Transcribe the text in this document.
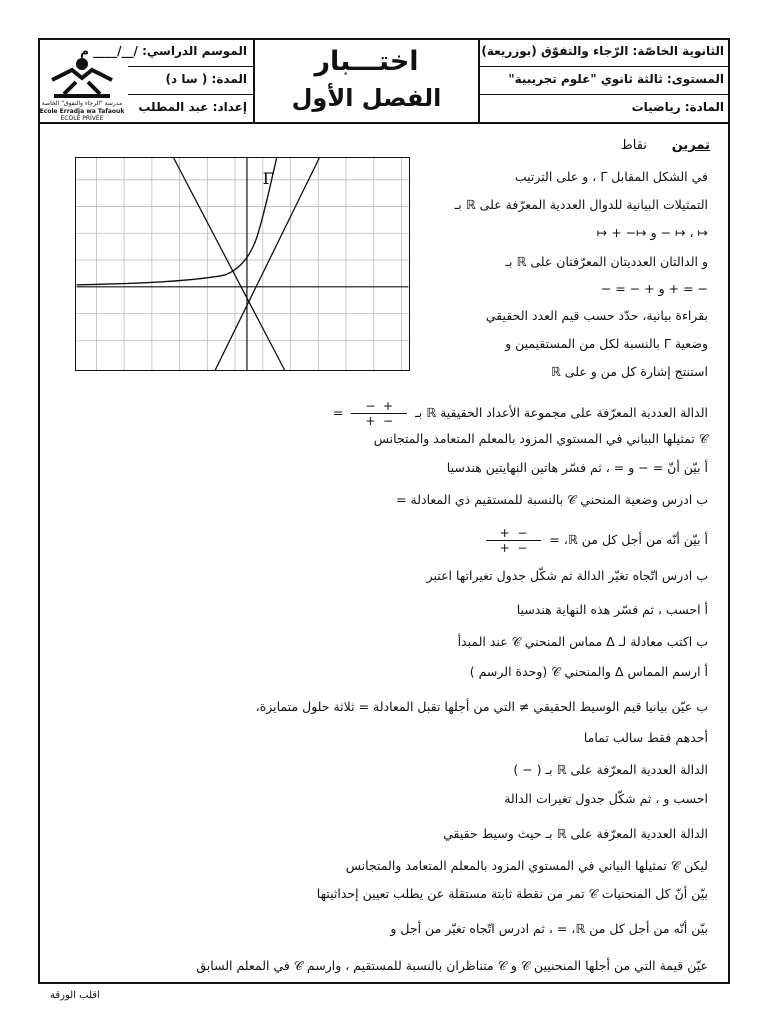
الثانوية الخاصّة: الرّجاء والتفوّق (بوزريعة)
المستوى: ثالثة ثانوي "علوم تجريبية"
المادة: رياضيات
اختـــبار
الفصل الأول
الموسم الدراسي: ‎__/‎__/‎__ م
المدة: ( سا د)
إعداد: عبد المطلب
مدرسة "الرجاء والتفوق" الخاصة
Ecole Erradja wa Tafaouk
ÉCOLE PRIVÉE
تمرين      نقاط
Γ	في الشكل المقابل Γ ، و على الترتيب
التمثيلات البيانية للدوال العددية المعرّفة على ℝ بـ
↦ ، ↦ − و ↦− + ↦
و الدالتان العدديتان المعرّفتان على ℝ بـ
− = + و + − = −
بقراءة بيانية، حدّد حسب قيم العدد الحقيقي
وضعية Γ بالنسبة لكل من المستقيمين و
استنتج إشارة كل من و على ℝ
الدالة العددية المعرّفة على مجموعة الأعداد الحقيقية ℝ بـ
$\frac{+ -}{- +}$
=
𝒞 تمثيلها البياني في المستوي المزود بالمعلم المتعامد والمتجانس
أ بيّن أنّ = − و = ، ثم فسّر هاتين النهايتين هندسيا
ب ادرس وضعية المنحني 𝒞 بالنسبة للمستقيم ذي المعادلة =
أ بيّن أنّه من أجل كل من ℝ، =
$\frac{- +}{- +}$
ب ادرس اتّجاه تغيّر الدالة ثم شكّل جدول تغيراتها اعتبر
أ احسب ، ثم فسّر هذه النهاية هندسيا
ب اكتب معادلة لـ Δ مماس المنحني 𝒞 عند المبدأ
أ ارسم المماس Δ والمنحني 𝒞 (وحدة الرسم )
ب عيّن بيانيا قيم الوسيط الحقيقي ≠ التي من أجلها تقبل المعادلة = ثلاثة حلول متمايزة،
أحدهم فقط سالب تماما
الدالة العددية المعرّفة على ℝ بـ ( − )
احسب و ، ثم شكّل جدول تغيرات الدالة
الدالة العددية المعرّفة على ℝ بـ حيث وسيط حقيقي
ليكن 𝒞 تمثيلها البياني في المستوي المزود بالمعلم المتعامد والمتجانس
بيّن أنّ كل المنحنيات 𝒞 تمر من نقطة ثابتة مستقلة عن يطلب تعيين إحداثيتها
بيّن أنّه من أجل كل من ℝ، = ، ثم ادرس اتّجاه تغيّر من أجل و
عيّن قيمة التي من أجلها المنحنيين 𝒞 و 𝒞 متناظران بالنسبة للمستقيم ، وارسم 𝒞 في المعلم السابق
اقلب الورقة
